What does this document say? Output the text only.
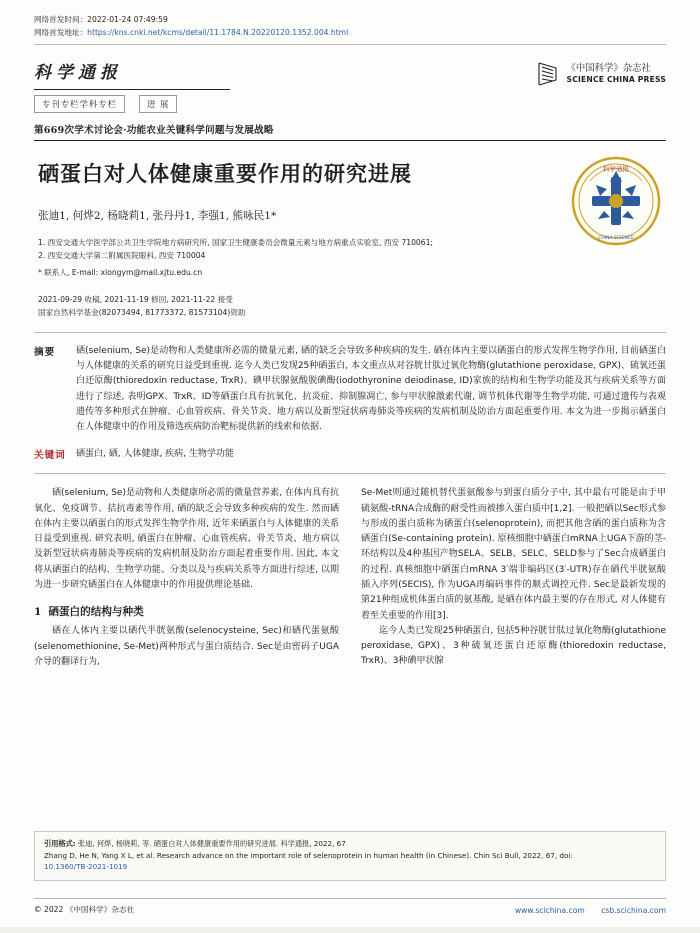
网络首发时间：2022-01-24 07:49:59
网络首发地址：https://kns.cnki.net/kcms/detail/11.1784.N.20220120.1352.004.html
科学通报
专刊专栏学科专栏	进 展
《中国科学》杂志社
SCIENCE CHINA PRESS
第669次学术讨论会·功能农业关键科学问题与发展战略
硒蛋白对人体健康重要作用的研究进展
张迪1, 何烨2, 杨晓莉1, 张丹丹1, 李强1, 熊咏民1*
1. 西安交通大学医学部公共卫生学院地方病研究所, 国家卫生健康委员会微量元素与地方病重点实验室, 西安 710061;
2. 西安交通大学第二附属医院眼科, 西安 710004
* 联系人, E-mail: xiongym@mail.xjtu.edu.cn
2021-09-29 收稿, 2021-11-19 修回, 2021-11-22 接受
国家自然科学基金(82073494, 81773372, 81573104)资助
科学通报
CHINA SCIENCE
摘要	硒(selenium, Se)是动物和人类健康所必需的微量元素, 硒的缺乏会导致多种疾病的发生. 硒在体内主要以硒蛋白的形式发挥生物学作用, 目前硒蛋白与人体健康的关系的研究日益受到重视. 迄今人类已发现25种硒蛋白, 本文重点从对谷胱甘肽过氧化物酶(glutathione peroxidase, GPX)、硫氧还蛋白还原酶(thioredoxin reductase, TrxR)、碘甲状腺氨酸脱碘酶(iodothyronine deiodinase, ID)家族的结构和生物学功能及其与疾病关系等方面进行了综述, 表明GPX、TrxR、ID等硒蛋白具有抗氧化、抗炎症、抑制腺凋亡, 参与甲状腺激素代谢, 调节机体代谢等生物学功能, 可通过遗传与表观遗传等多种形式在肿瘤、心血管疾病、骨关节炎、地方病以及新型冠状病毒肺炎等疾病的发病机制及防治方面起重要作用. 本文为进一步揭示硒蛋白在人体健康中的作用及筛选疾病防治靶标提供新的线索和依据.
关键词	硒蛋白, 硒, 人体健康, 疾病, 生物学功能

硒(selenium, Se)是动物和人类健康所必需的微量营养素, 在体内具有抗氧化、免疫调节、拮抗毒素等作用, 硒的缺乏会导致多种疾病的发生. 然而硒在体内主要以硒蛋白的形式发挥生物学作用, 近年来硒蛋白与人体健康的关系日益受到重视. 研究表明, 硒蛋白在肿瘤、心血管疾病、骨关节炎、地方病以及新型冠状病毒肺炎等疾病的发病机制及防治方面起着重要作用. 因此, 本文将从硒蛋白的结构、生物学功能、分类以及与疾病关系等方面进行综述, 以期为进一步研究硒蛋白在人体健康中的作用提供理论基础.

1 硒蛋白的结构与种类

硒在人体内主要以硒代半胱氨酸(selenocysteine, Sec)和硒代蛋氨酸(selenomethionine, Se-Met)两种形式与蛋白质结合. Sec是由密码子UGA介导的翻译行为,

Se-Met则通过随机替代蛋氨酸参与到蛋白质分子中, 其中最右可能是由于甲硫氨酸-tRNA合成酶的耐受性而被掺入蛋白质中[1,2]. 一般把硒以Sec形式参与形成的蛋白质称为硒蛋白(selenoprotein), 而把其他含硒的蛋白质称为含硒蛋白(Se-containing protein). 原核细胞中硒蛋白mRNA上UGA下游的茎-环结构以及4种基因产物SELA、SELB、SELC、SELD参与了Sec合成硒蛋白的过程. 真核细胞中硒蛋白mRNA 3′端非编码区(3′-UTR)存在硒代半胱氨酸插入序列(SECIS), 作为UGA再编码事件的顺式调控元件. Sec是最新发现的第21种组成机体蛋白质的氨基酸, 是硒在体内最主要的存在形式, 对人体健有着至关重要的作用[3].

迄今人类已发现25种硒蛋白, 包括5种谷胱甘肽过氧化物酶(glutathione peroxidase, GPX)、3种硫氧还蛋白还原酶(thioredoxin reductase, TrxR)、3种碘甲状腺

引用格式: 张迪, 何烨, 杨晓莉, 等. 硒蛋白对人体健康重要作用的研究进展. 科学通报, 2022, 67
Zhang D, He N, Yang X L, et al. Research advance on the important role of selenoprotein in human health (in Chinese). Chin Sci Bull, 2022, 67, doi:
10.1360/TB-2021-1019
© 2022 《中国科学》杂志社	www.scichina.com csb.scichina.com
